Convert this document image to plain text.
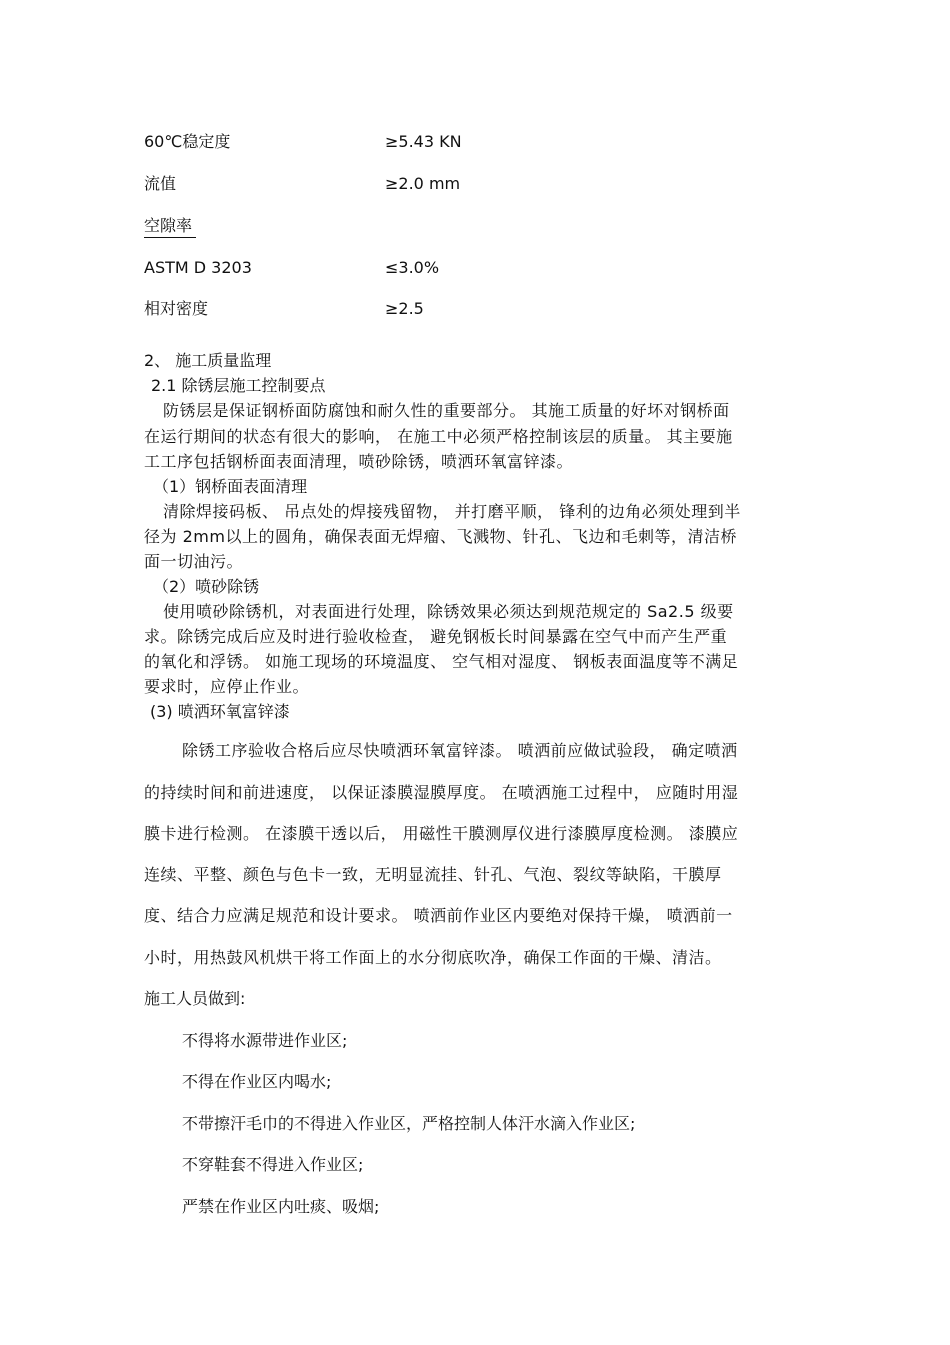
60℃稳定度	≥5.43 KN
流值	≥2.0 mm
空隙率
ASTM D 3203	≤3.0%
相对密度	≥2.5
2、 施工质量监理
2.1 除锈层施工控制要点
防锈层是保证钢桥面防腐蚀和耐久性的重要部分。 其施工质量的好坏对钢桥面
在运行期间的状态有很大的影响， 在施工中必须严格控制该层的质量。 其主要施
工工序包括钢桥面表面清理，喷砂除锈，喷洒环氧富锌漆。
（1）钢桥面表面清理
清除焊接码板、 吊点处的焊接残留物， 并打磨平顺， 锋利的边角必须处理到半
径为 2mm以上的圆角，确保表面无焊瘤、飞溅物、针孔、飞边和毛刺等，清洁桥
面一切油污。
（2）喷砂除锈
使用喷砂除锈机，对表面进行处理，除锈效果必须达到规范规定的 Sa2.5 级要
求。除锈完成后应及时进行验收检查， 避免钢板长时间暴露在空气中而产生严重
的氧化和浮锈。 如施工现场的环境温度、 空气相对湿度、 钢板表面温度等不满足
要求时，应停止作业。
(3) 喷洒环氧富锌漆
除锈工序验收合格后应尽快喷洒环氧富锌漆。 喷洒前应做试验段， 确定喷洒
的持续时间和前进速度， 以保证漆膜湿膜厚度。 在喷洒施工过程中， 应随时用湿
膜卡进行检测。 在漆膜干透以后， 用磁性干膜测厚仪进行漆膜厚度检测。 漆膜应
连续、平整、颜色与色卡一致，无明显流挂、针孔、气泡、裂纹等缺陷，干膜厚
度、结合力应满足规范和设计要求。 喷洒前作业区内要绝对保持干燥， 喷洒前一
小时，用热鼓风机烘干将工作面上的水分彻底吹净，确保工作面的干燥、清洁。
施工人员做到:
不得将水源带进作业区;
不得在作业区内喝水;
不带擦汗毛巾的不得进入作业区，严格控制人体汗水滴入作业区;
不穿鞋套不得进入作业区;
严禁在作业区内吐痰、吸烟;
